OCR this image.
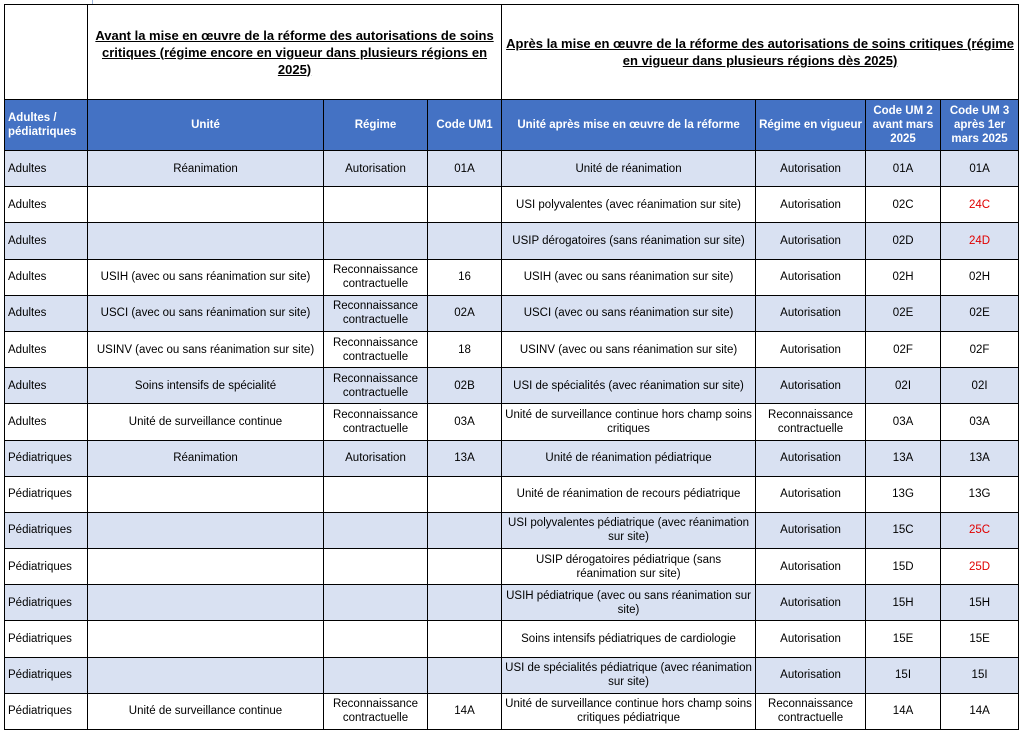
	Avant la mise en œuvre de la réforme des autorisations de soins critiques (régime encore en vigueur dans plusieurs régions en 2025)			Après la mise en œuvre de la réforme des autorisations de soins critiques (régime en vigueur dans plusieurs régions dès 2025)			
Adultes / pédiatriques	Unité	Régime	Code UM1	Unité après mise en œuvre de la réforme	Régime en vigueur	Code UM 2 avant mars 2025	Code UM 3 après 1er mars 2025
Adultes	Réanimation	Autorisation	01A	Unité de réanimation	Autorisation	01A	01A
Adultes				USI polyvalentes (avec réanimation sur site)	Autorisation	02C	24C
Adultes				USIP dérogatoires (sans réanimation sur site)	Autorisation	02D	24D
Adultes	USIH (avec ou sans réanimation sur site)	Reconnaissance contractuelle	16	USIH (avec ou sans réanimation sur site)	Autorisation	02H	02H
Adultes	USCI (avec ou sans réanimation sur site)	Reconnaissance contractuelle	02A	USCI (avec ou sans réanimation sur site)	Autorisation	02E	02E
Adultes	USINV (avec ou sans réanimation sur site)	Reconnaissance contractuelle	18	USINV (avec ou sans réanimation sur site)	Autorisation	02F	02F
Adultes	Soins intensifs de spécialité	Reconnaissance contractuelle	02B	USI de spécialités (avec réanimation sur site)	Autorisation	02I	02I
Adultes	Unité de surveillance continue	Reconnaissance contractuelle	03A	Unité de surveillance continue hors champ soins critiques	Reconnaissance contractuelle	03A	03A
Pédiatriques	Réanimation	Autorisation	13A	Unité de réanimation pédiatrique	Autorisation	13A	13A
Pédiatriques				Unité de réanimation de recours pédiatrique	Autorisation	13G	13G
Pédiatriques				USI polyvalentes pédiatrique (avec réanimation sur site)	Autorisation	15C	25C
Pédiatriques				USIP dérogatoires pédiatrique (sans réanimation sur site)	Autorisation	15D	25D
Pédiatriques				USIH pédiatrique (avec ou sans réanimation sur site)	Autorisation	15H	15H
Pédiatriques				Soins intensifs pédiatriques de cardiologie	Autorisation	15E	15E
Pédiatriques				USI de spécialités pédiatrique (avec réanimation sur site)	Autorisation	15I	15I
Pédiatriques	Unité de surveillance continue	Reconnaissance contractuelle	14A	Unité de surveillance continue hors champ soins critiques pédiatrique	Reconnaissance contractuelle	14A	14A
